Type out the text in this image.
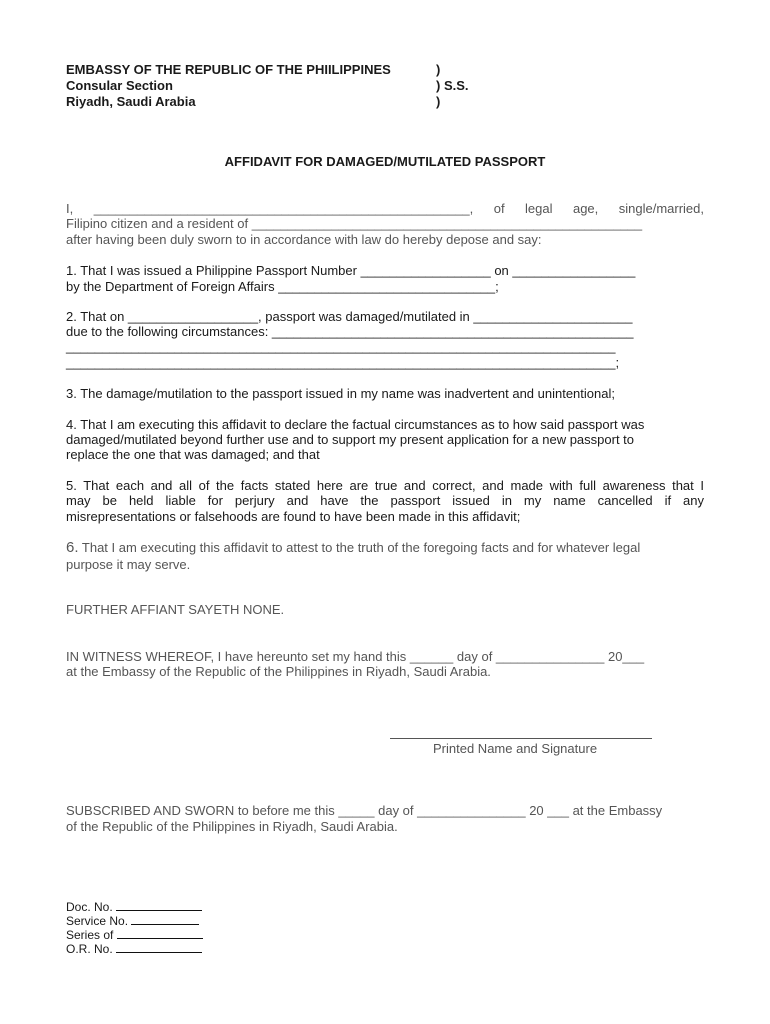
EMBASSY OF THE REPUBLIC OF THE PHIILIPPINES
Consular Section
Riyadh, Saudi Arabia
)
) S.S.
)
AFFIDAVIT FOR DAMAGED/MUTILATED PASSPORT
I, ____________________________________________________, of legal age, single/married,
Filipino citizen and a resident of ______________________________________________________
after having been duly sworn to in accordance with law do hereby depose and say:
1. That I was issued a Philippine Passport Number __________________ on _________________
by the Department of Foreign Affairs ______________________________;
2. That on __________________, passport was damaged/mutilated in ______________________
due to the following circumstances: __________________________________________________
____________________________________________________________________________
____________________________________________________________________________;
3. The damage/mutilation to the passport issued in my name was inadvertent and unintentional;
4. That I am executing this affidavit to declare the factual circumstances as to how said passport was
damaged/mutilated beyond further use and to support my present application for a new passport to
replace the one that was damaged; and that
5. That each and all of the facts stated here are true and correct, and made with full awareness that I
may be held liable for perjury and have the passport issued in my name cancelled if any
misrepresentations or falsehoods are found to have been made in this affidavit;
6. That I am executing this affidavit to attest to the truth of the foregoing facts and for whatever legal
purpose it may serve.
FURTHER AFFIANT SAYETH NONE.
IN WITNESS WHEREOF, I have hereunto set my hand this ______ day of _______________ 20___
at the Embassy of the Republic of the Philippines in Riyadh, Saudi Arabia.
Printed Name and Signature
SUBSCRIBED AND SWORN to before me this _____ day of _______________ 20 ___ at the Embassy
of the Republic of the Philippines in Riyadh, Saudi Arabia.
Doc. No.
Service No.
Series of
O.R. No.
